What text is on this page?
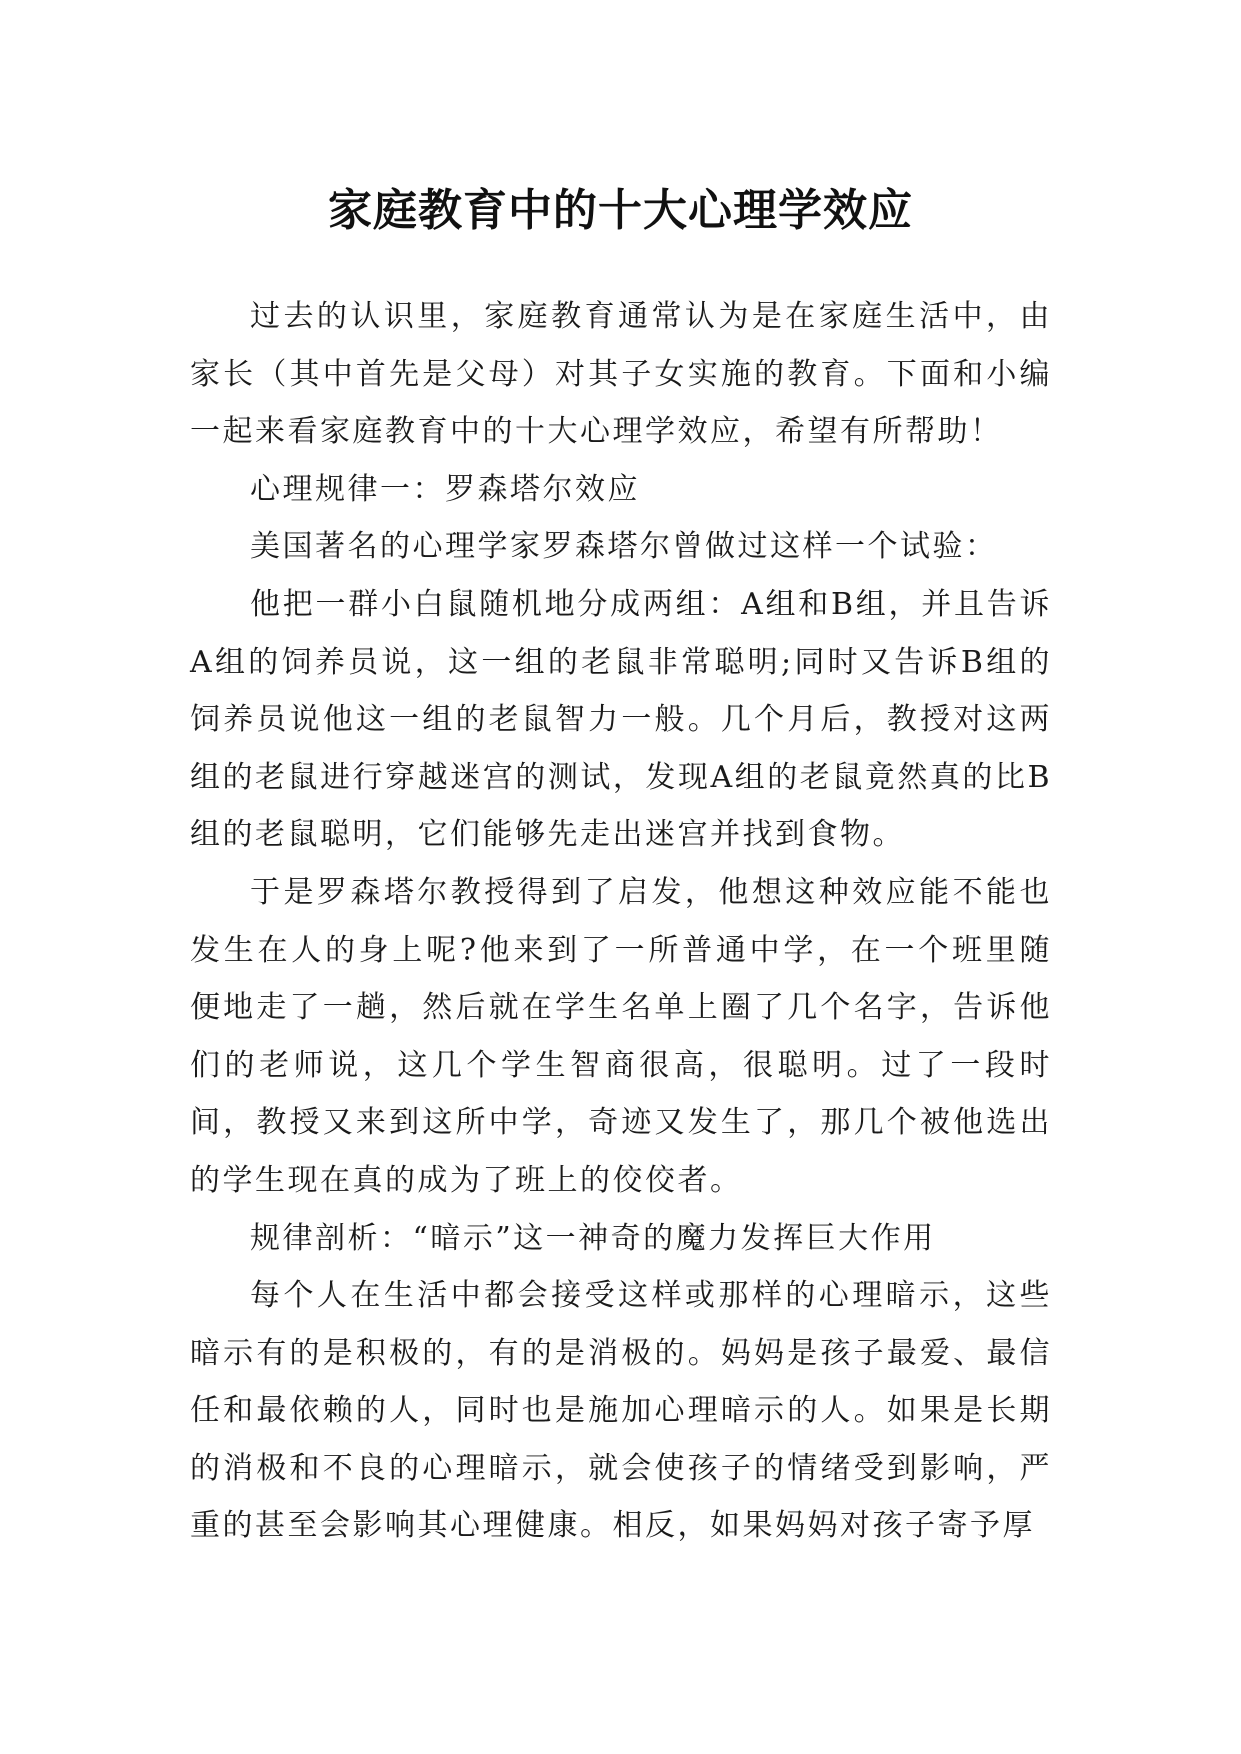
家庭教育中的十大心理学效应

过去的认识里，家庭教育通常认为是在家庭生活中，由家长（其中首先是父母）对其子女实施的教育。下面和小编一起来看家庭教育中的十大心理学效应，希望有所帮助！

心理规律一：罗森塔尔效应

美国著名的心理学家罗森塔尔曾做过这样一个试验：

他把一群小白鼠随机地分成两组：A组和B组，并且告诉A组的饲养员说，这一组的老鼠非常聪明;同时又告诉B组的饲养员说他这一组的老鼠智力一般。几个月后，教授对这两组的老鼠进行穿越迷宫的测试，发现A组的老鼠竟然真的比B组的老鼠聪明，它们能够先走出迷宫并找到食物。

于是罗森塔尔教授得到了启发，他想这种效应能不能也发生在人的身上呢?他来到了一所普通中学，在一个班里随便地走了一趟，然后就在学生名单上圈了几个名字，告诉他们的老师说，这几个学生智商很高，很聪明。过了一段时间，教授又来到这所中学，奇迹又发生了，那几个被他选出的学生现在真的成为了班上的佼佼者。

规律剖析：“暗示”这一神奇的魔力发挥巨大作用

每个人在生活中都会接受这样或那样的心理暗示，这些暗示有的是积极的，有的是消极的。妈妈是孩子最爱、最信任和最依赖的人，同时也是施加心理暗示的人。如果是长期的消极和不良的心理暗示，就会使孩子的情绪受到影响，严重的甚至会影响其心理健康。相反，如果妈妈对孩子寄予厚
